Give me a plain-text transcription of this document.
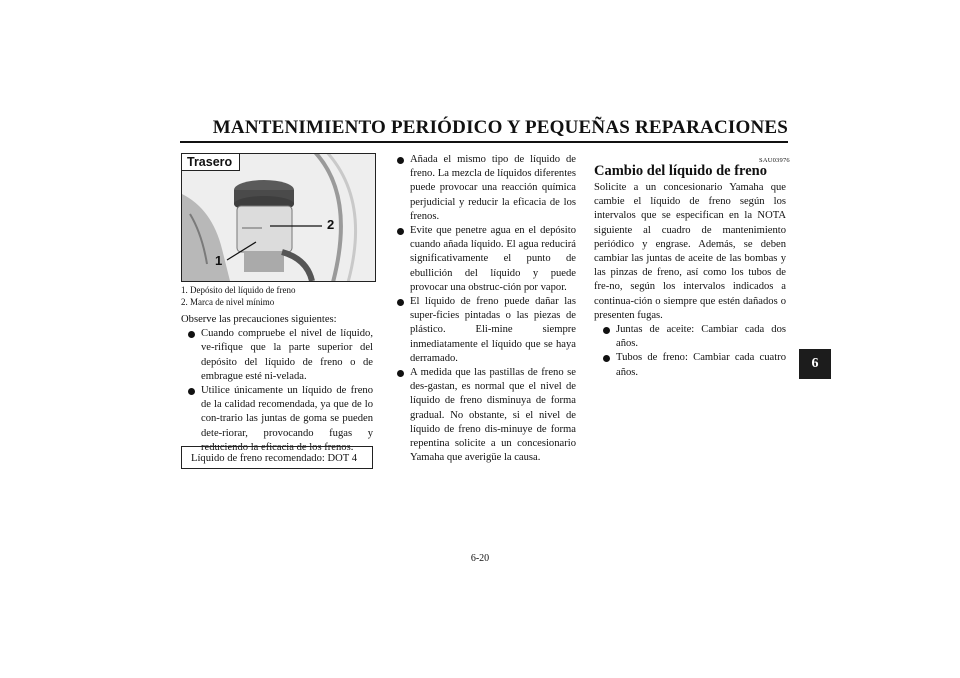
MANTENIMIENTO PERIÓDICO Y PEQUEÑAS REPARACIONES
Trasero
2
1
1. Depósito del líquido de freno
2. Marca de nivel mínimo

Observe las precauciones siguientes:

Cuando compruebe el nivel de líquido, ve-rifique que la parte superior del depósito del líquido de freno o de embrague esté ni-velada.
Utilice únicamente un líquido de freno de la calidad recomendada, ya que de lo con-trario las juntas de goma se pueden dete-riorar, provocando fugas y reduciendo la eficacia de los frenos.
Líquido de freno recomendado: DOT 4
Añada el mismo tipo de líquido de freno. La mezcla de líquidos diferentes puede provocar una reacción química perjudicial y reducir la eficacia de los frenos.
Evite que penetre agua en el depósito cuando añada líquido. El agua reducirá significativamente el punto de ebullición del líquido y puede provocar una obstruc-ción por vapor.
El líquido de freno puede dañar las super-ficies pintadas o las piezas de plástico. Eli-mine siempre inmediatamente el líquido que se haya derramado.
A medida que las pastillas de freno se des-gastan, es normal que el nivel de líquido de freno disminuya de forma gradual. No obstante, si el nivel de líquido de freno dis-minuye de forma repentina solicite a un concesionario Yamaha que averigüe la causa.
SAU03976
Cambio del líquido de freno

Solicite a un concesionario Yamaha que cambie el líquido de freno según los intervalos que se especifican en la NOTA siguiente al cuadro de mantenimiento periódico y engrase. Además, se deben cambiar las juntas de aceite de las bombas y las pinzas de freno, así como los tubos de fre-no, según los intervalos indicados a continua-ción o siempre que estén dañados o presenten fugas.

Juntas de aceite: Cambiar cada dos años.
Tubos de freno: Cambiar cada cuatro años.
6
6-20
